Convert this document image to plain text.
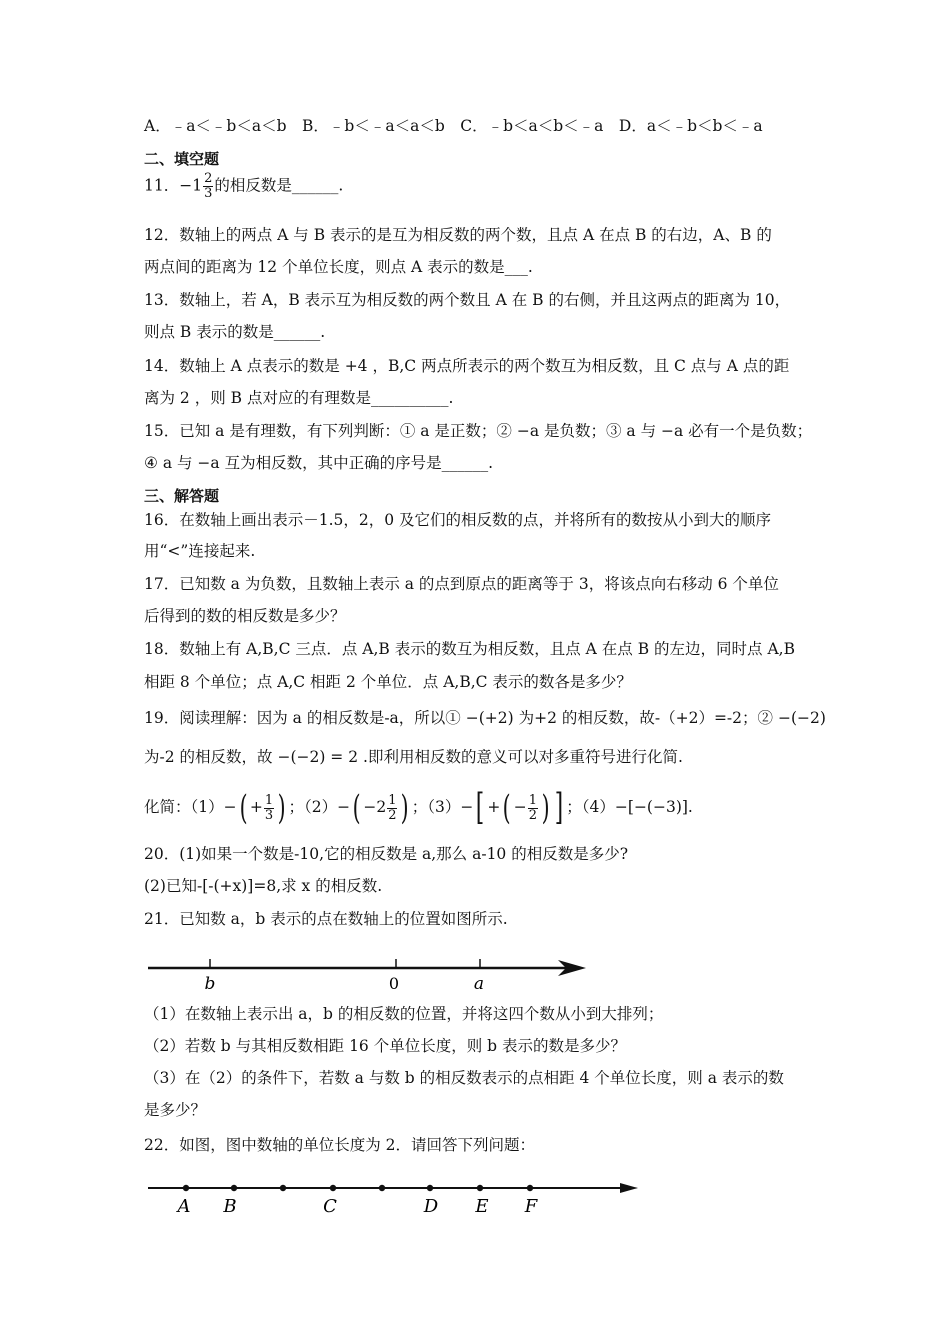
A．﹣a＜﹣b＜a＜b　B．﹣b＜﹣a＜a＜b　C．﹣b＜a＜b＜﹣a　D．a＜﹣b＜b＜﹣a
二、填空题
11．$-1 \frac{2}{3}$ 的相反数是______.
12．数轴上的两点 A 与 B 表示的是互为相反数的两个数，且点 A 在点 B 的右边，A、B 的
两点间的距离为 12 个单位长度，则点 A 表示的数是___.
13．数轴上，若 A，B 表示互为相反数的两个数且 A 在 B 的右侧，并且这两点的距离为 10，
则点 B 表示的数是______.
14．数轴上 A 点表示的数是 +4 ，B,C 两点所表示的两个数互为相反数，且 C 点与 A 点的距
离为 2 ，则 B 点对应的有理数是__________.
15．已知 a 是有理数，有下列判断：① a 是正数；② −a 是负数；③ a 与 −a 必有一个是负数；
④ a 与 −a 互为相反数，其中正确的序号是______.
三、解答题
16．在数轴上画出表示－1.5，2，0 及它们的相反数的点，并将所有的数按从小到大的顺序
用“<”连接起来.
17．已知数 a 为负数，且数轴上表示 a 的点到原点的距离等于 3，将该点向右移动 6 个单位
后得到的数的相反数是多少？
18．数轴上有 A,B,C 三点．点 A,B 表示的数互为相反数，且点 A 在点 B 的左边，同时点 A,B
相距 8 个单位；点 A,C 相距 2 个单位．点 A,B,C 表示的数各是多少？
19．阅读理解：因为 a 的相反数是-a，所以① −(+2) 为+2 的相反数，故-（+2）=-2；② −(−2)
为-2 的相反数，故 −(−2) = 2 .即利用相反数的意义可以对多重符号进行化简.
化简：$(1)-( + \frac{1}{3}$ ) ；$(2)-( -2 \frac{1}{2}$ ) ；（3）−[ +( − $\frac{1}{2}$ ) ] ；（4）−[−(−3)].
20．(1)如果一个数是-10,它的相反数是 a,那么 a-10 的相反数是多少?
(2)已知-[-(+x)]=8,求 x 的相反数.
21．已知数 a，b 表示的点在数轴上的位置如图所示.
b	0	a
（1）在数轴上表示出 a，b 的相反数的位置，并将这四个数从小到大排列；
（2）若数 b 与其相反数相距 16 个单位长度，则 b 表示的数是多少？
（3）在（2）的条件下，若数 a 与数 b 的相反数表示的点相距 4 个单位长度，则 a 表示的数
是多少？
22．如图，图中数轴的单位长度为 2．请回答下列问题：
A B	C	D E F
